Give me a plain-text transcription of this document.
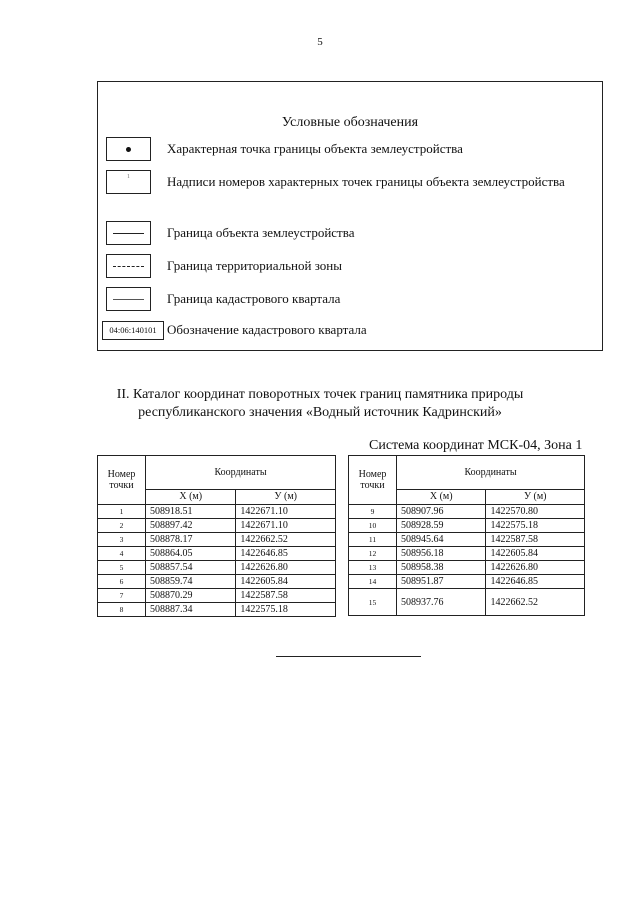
5
Условные обозначения
Характерная точка границы объекта землеустройства
1	Надписи номеров характерных точек границы объекта землеустройства
Граница объекта землеустройства
Граница территориальной зоны
Граница кадастрового квартала
04:06:140101 Обозначение кадастрового квартала
II. Каталог координат поворотных точек границ памятника природы
республиканского значения «Водный источник Кадринский»
Система координат МСК-04, Зона 1
Номер точки	Координаты	
	X (м)	У (м)
1	508918.51	1422671.10
2	508897.42	1422671.10
3	508878.17	1422662.52
4	508864.05	1422646.85
5	508857.54	1422626.80
6	508859.74	1422605.84
7	508870.29	1422587.58
8	508887.34	1422575.18
Номер точки	Координаты	
	X (м)	У (м)
9	508907.96	1422570.80
10	508928.59	1422575.18
11	508945.64	1422587.58
12	508956.18	1422605.84
13	508958.38	1422626.80
14	508951.87	1422646.85
15	508937.76	1422662.52
